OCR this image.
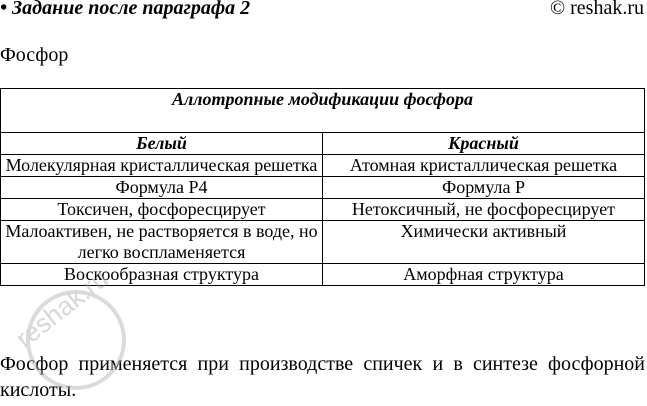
• Задание после параграфа 2	© reshak.ru
Фосфор
Аллотропные модификации фосфора	
Белый	Красный
Молекулярная кристаллическая решетка	Атомная кристаллическая решетка
Формула P4	Формула P
Токсичен, фосфоресцирует	Нетоксичный, не фосфоресцирует
Малоактивен, не растворяется в воде, но легко воспламеняется	Химически активный
Воскообразная структура	Аморфная структура
Фосфор применяется при производстве спичек и в синтезе фосфорной кислоты.
reshak.ru
